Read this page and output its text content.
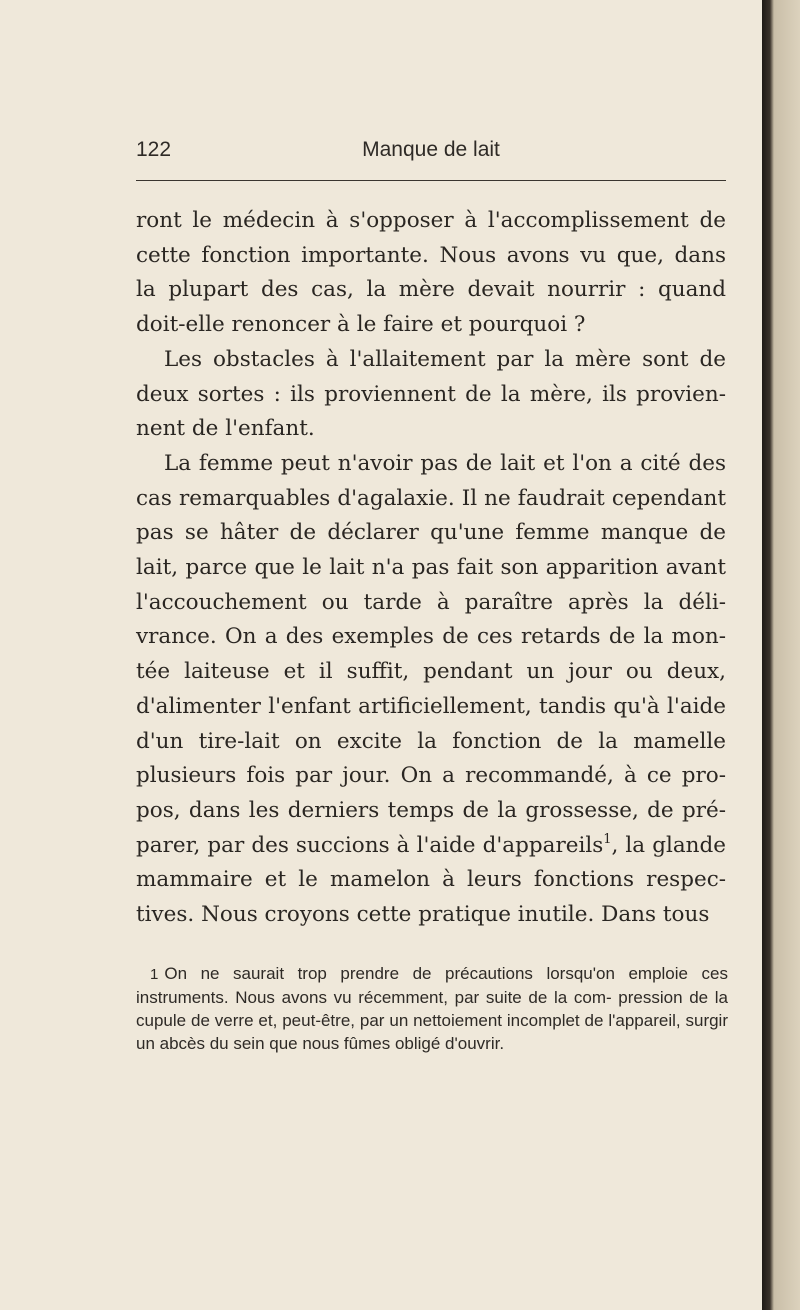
122	Manque de lait

ront le médecin à s'opposer à l'accomplissement de cette fonction importante. Nous avons vu que, dans la plupart des cas, la mère devait nourrir : quand doit-elle renoncer à le faire et pourquoi ?

Les obstacles à l'allaitement par la mère sont de deux sortes : ils proviennent de la mère, ils provien- nent de l'enfant.

La femme peut n'avoir pas de lait et l'on a cité des cas remarquables d'agalaxie. Il ne faudrait cependant pas se hâter de déclarer qu'une femme manque de lait, parce que le lait n'a pas fait son apparition avant l'accouchement ou tarde à paraître après la déli- vrance. On a des exemples de ces retards de la mon- tée laiteuse et il suffit, pendant un jour ou deux, d'alimenter l'enfant artificiellement, tandis qu'à l'aide d'un tire-lait on excite la fonction de la mamelle plusieurs fois par jour. On a recommandé, à ce pro- pos, dans les derniers temps de la grossesse, de pré- parer, par des succions à l'aide d'appareils$^1$, la glande mammaire et le mamelon à leurs fonctions respec- tives. Nous croyons cette pratique inutile. Dans tous

1 On ne saurait trop prendre de précautions lorsqu'on emploie ces instruments. Nous avons vu récemment, par suite de la com- pression de la cupule de verre et, peut-être, par un nettoiement incomplet de l'appareil, surgir un abcès du sein que nous fûmes obligé d'ouvrir.
